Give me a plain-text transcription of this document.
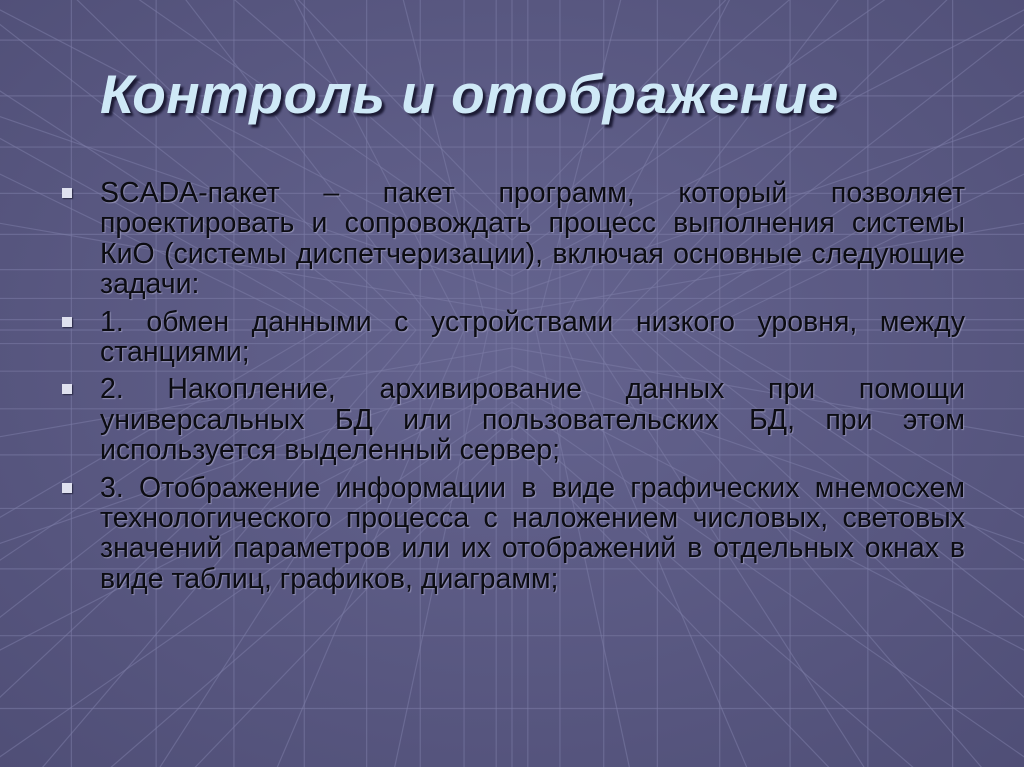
Контроль и отображение
SCADA-пакет – пакет программ, который позволяет проектировать и сопровождать процесс выполнения системы КиО (системы диспетчеризации), включая основные следующие задачи:
1. обмен данными с устройствами низкого уровня, между станциями;
2. Накопление, архивирование данных при помощи универсальных БД или пользовательских БД, при этом используется выделенный сервер;
3. Отображение информации в виде графических мнемосхем технологического процесса с наложением числовых, световых значений параметров или их отображений в отдельных окнах в виде таблиц, графиков, диаграмм;
